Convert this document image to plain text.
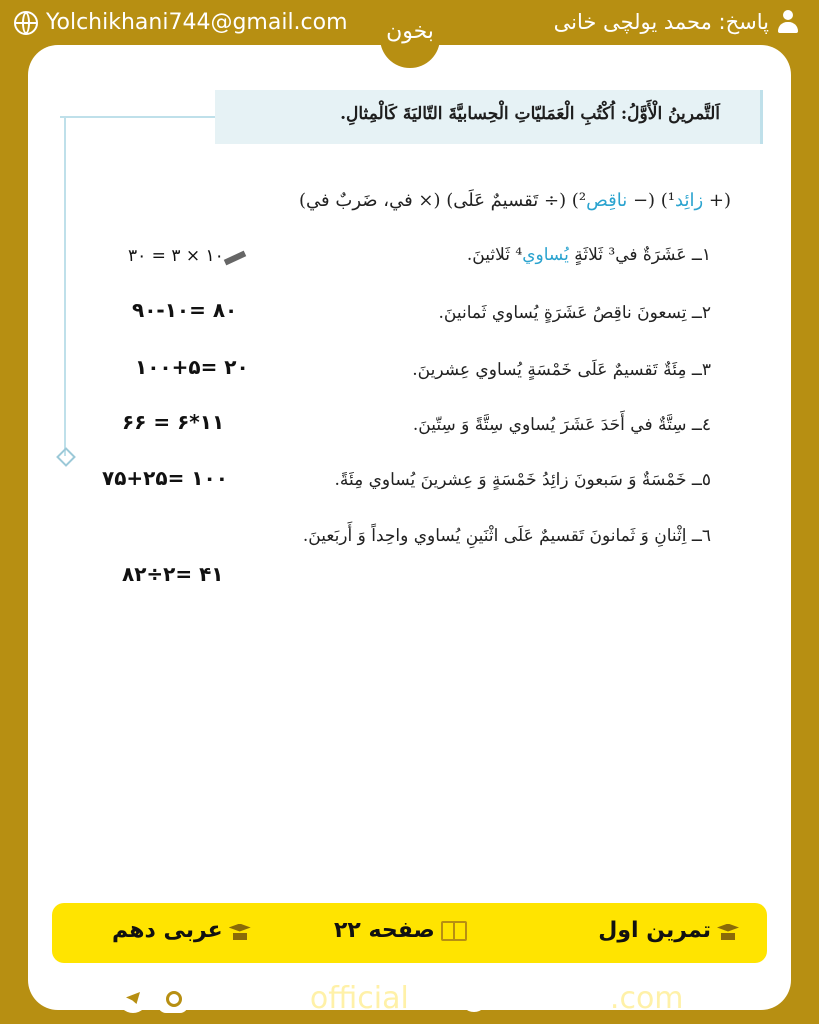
Yolchikhani744@gmail.com	پاسخ: محمد یولچی خانی
بخون
اَلتَّمرینُ الْأَوَّلُ: اُكْتُبِ الْعَمَلیّاتِ الْحِسابیَّةَ التّالیَةَ كَالْمِثالِ.
(+ زائِد¹) (− ناقِص²) (÷ تَقسیمٌ عَلَی) (× في، ضَربٌ في)
١ــ عَشَرَةٌ في³ ثَلاثَةٍ یُساوي⁴ ثَلاثینَ.
۳۰ = ۳ × ۱۰
٢ــ تِسعونَ ناقِصُ عَشَرَةٍ یُساوي ثَمانینَ.
۹۰-۱۰= ۸۰
٣ــ مِئَةٌ تَقسیمٌ عَلَی خَمْسَةٍ یُساوي عِشرینَ.
۱۰۰+۵= ۲۰
٤ــ سِتَّةٌ في أَحَدَ عَشَرَ یُساوي سِتَّةً وَ سِتّینَ.
۶۶ = ۶*۱۱
٥ــ خَمْسَةٌ وَ سَبعونَ زائِدُ خَمْسَةٍ وَ عِشرینَ یُساوي مِئَةً.
۷۵+۲۵= ۱۰۰
٦ــ اِثْنانِ وَ ثَمانونَ تَقسیمٌ عَلَی اثْنَینِ یُساوي واحِداً وَ أَربَعینَ.
۸۲÷۲= ۴۱
تمرین اول
صفحه ۲۲
عربی دهم
bekhunofficial	bekhun.com
